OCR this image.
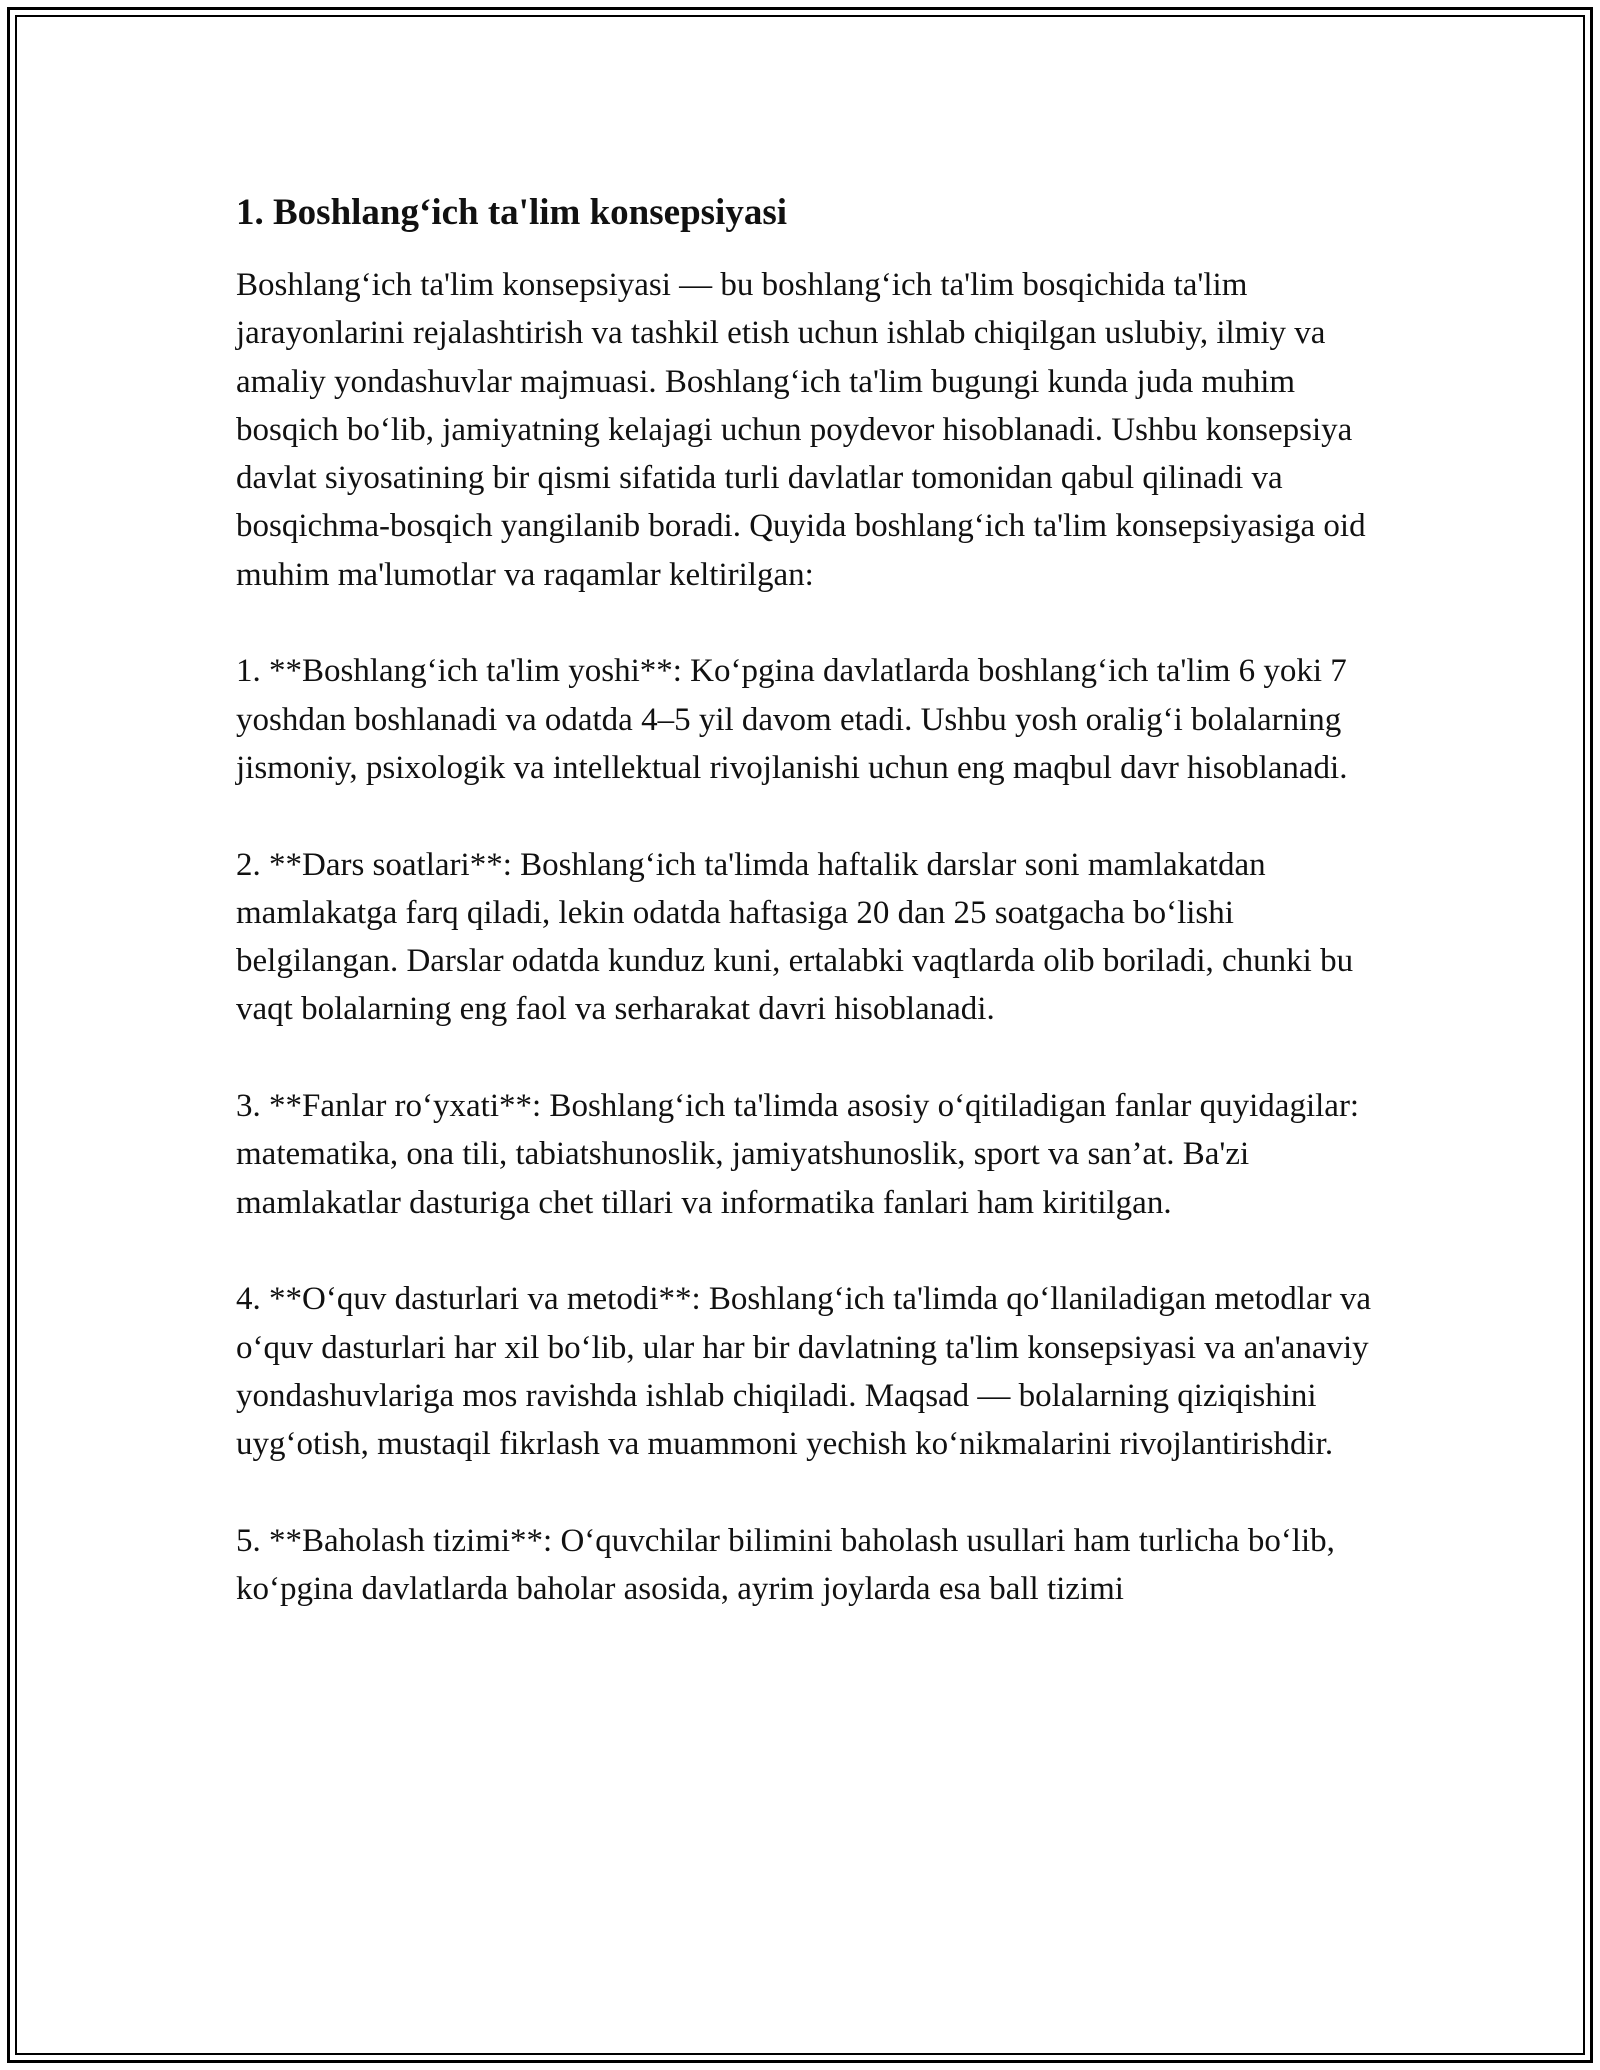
1. Boshlang‘ich ta'lim konsepsiyasi

Boshlang‘ich ta'lim konsepsiyasi — bu boshlang‘ich ta'lim bosqichida ta'lim jarayonlarini rejalashtirish va tashkil etish uchun ishlab chiqilgan uslubiy, ilmiy va amaliy yondashuvlar majmuasi. Boshlang‘ich ta'lim bugungi kunda juda muhim bosqich bo‘lib, jamiyatning kelajagi uchun poydevor hisoblanadi. Ushbu konsepsiya davlat siyosatining bir qismi sifatida turli davlatlar tomonidan qabul qilinadi va bosqichma-bosqich yangilanib boradi. Quyida boshlang‘ich ta'lim konsepsiyasiga oid muhim ma'lumotlar va raqamlar keltirilgan:

1. **Boshlang‘ich ta'lim yoshi**: Ko‘pgina davlatlarda boshlang‘ich ta'lim 6 yoki 7 yoshdan boshlanadi va odatda 4–5 yil davom etadi. Ushbu yosh oralig‘i bolalarning jismoniy, psixologik va intellektual rivojlanishi uchun eng maqbul davr hisoblanadi.

2. **Dars soatlari**: Boshlang‘ich ta'limda haftalik darslar soni mamlakatdan mamlakatga farq qiladi, lekin odatda haftasiga 20 dan 25 soatgacha bo‘lishi belgilangan. Darslar odatda kunduz kuni, ertalabki vaqtlarda olib boriladi, chunki bu vaqt bolalarning eng faol va serharakat davri hisoblanadi.

3. **Fanlar ro‘yxati**: Boshlang‘ich ta'limda asosiy o‘qitiladigan fanlar quyidagilar: matematika, ona tili, tabiatshunoslik, jamiyatshunoslik, sport va san’at. Ba'zi mamlakatlar dasturiga chet tillari va informatika fanlari ham kiritilgan.

4. **O‘quv dasturlari va metodi**: Boshlang‘ich ta'limda qo‘llaniladigan metodlar va o‘quv dasturlari har xil bo‘lib, ular har bir davlatning ta'lim konsepsiyasi va an'anaviy yondashuvlariga mos ravishda ishlab chiqiladi. Maqsad — bolalarning qiziqishini uyg‘otish, mustaqil fikrlash va muammoni yechish ko‘nikmalarini rivojlantirishdir.

5. **Baholash tizimi**: O‘quvchilar bilimini baholash usullari ham turlicha bo‘lib, ko‘pgina davlatlarda baholar asosida, ayrim joylarda esa ball tizimi
